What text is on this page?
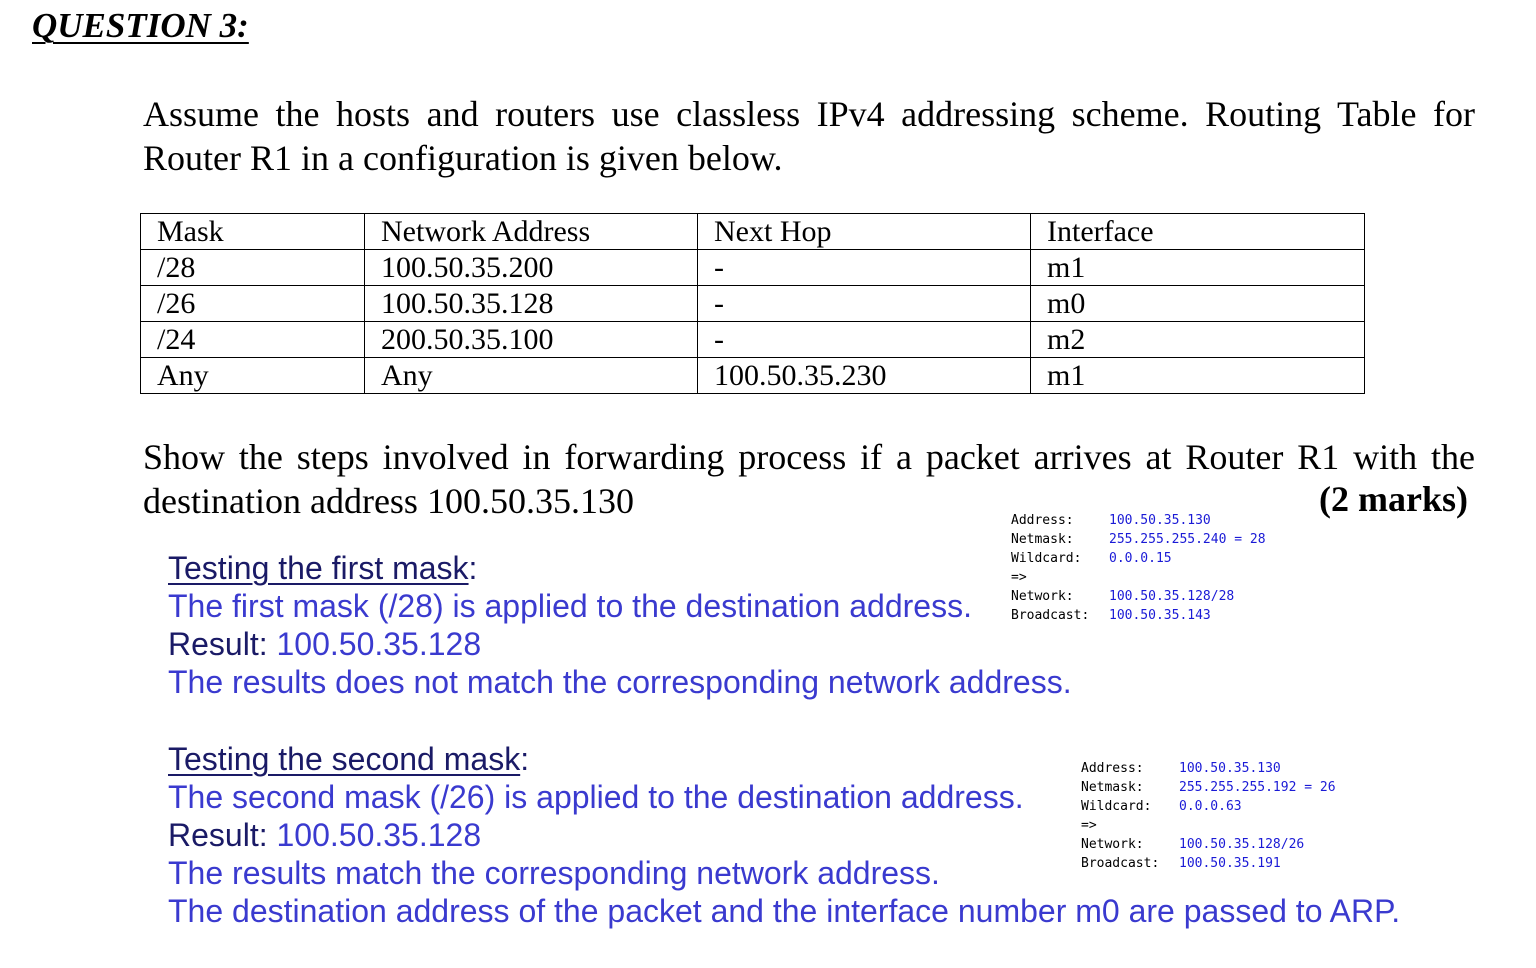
QUESTION 3:
Assume the hosts and routers use classless IPv4 addressing scheme. Routing Table for Router R1 in a configuration is given below.
Mask	Network Address	Next Hop	Interface
/28	100.50.35.200	-	m1
/26	100.50.35.128	-	m0
/24	200.50.35.100	-	m2
Any	Any	100.50.35.230	m1
Show the steps involved in forwarding process if a packet arrives at Router R1 with the destination address 100.50.35.130	(2 marks)
Testing the first mask:
The first mask (/28) is applied to the destination address.
Result: 100.50.35.128
The results does not match the corresponding network address.
Testing the second mask:
The second mask (/26) is applied to the destination address.
Result: 100.50.35.128
The results match the corresponding network address.
The destination address of the packet and the interface number m0 are passed to ARP.
Address:	100.50.35.130
Netmask:	255.255.255.240 = 28
Wildcard:	0.0.0.15
=>
Network:	100.50.35.128/28
Broadcast:	100.50.35.143
Address:	100.50.35.130
Netmask:	255.255.255.192 = 26
Wildcard:	0.0.0.63
=>
Network:	100.50.35.128/26
Broadcast:	100.50.35.191
